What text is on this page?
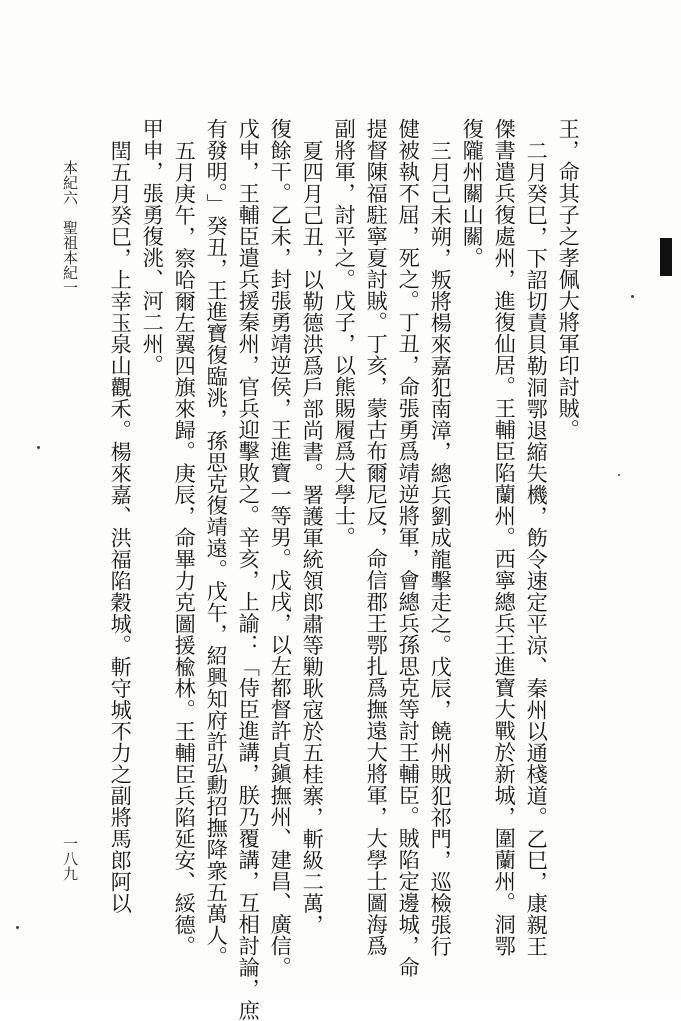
王，命其子之孝佩大將軍印討賊。
二月癸巳，下詔切責貝勒洞鄂退縮失機，飭令速定平涼、秦州以通棧道。乙巳，康親王
傑書遣兵復處州，進復仙居。王輔臣陷蘭州。西寧總兵王進寶大戰於新城，圍蘭州。洞鄂
復隴州關山關。
三月己未朔，叛將楊來嘉犯南漳，總兵劉成龍擊走之。戊辰，饒州賊犯祁門，巡檢張行
健被執不屈，死之。丁丑，命張勇爲靖逆將軍，會總兵孫思克等討王輔臣。賊陷定邊城，命
提督陳福駐寧夏討賊。丁亥，蒙古布爾尼反，命信郡王鄂扎爲撫遠大將軍，大學士圖海爲
副將軍，討平之。戊子，以熊賜履爲大學士。
夏四月己丑，以勒德洪爲戶部尚書。署護軍統領郎肅等勦耿寇於五桂寨，斬級二萬，
復餘干。乙未，封張勇靖逆侯，王進寶一等男。戊戌，以左都督許貞鎭撫州、建昌、廣信。
戊申，王輔臣遣兵援秦州，官兵迎擊敗之。辛亥，上諭：「侍臣進講，朕乃覆講，互相討論，庶
有發明。」癸丑，王進寶復臨洮，孫思克復靖遠。戊午，紹興知府許弘勳招撫降衆五萬人。
五月庚午，察哈爾左翼四旗來歸。庚辰，命畢力克圖援楡林。王輔臣兵陷延安、綏德。
甲申，張勇復洮、河二州。
閏五月癸巳，上幸玉泉山觀禾。楊來嘉、洪福陷穀城。斬守城不力之副將馬郎阿以
本紀六　聖祖本紀一
一八九
